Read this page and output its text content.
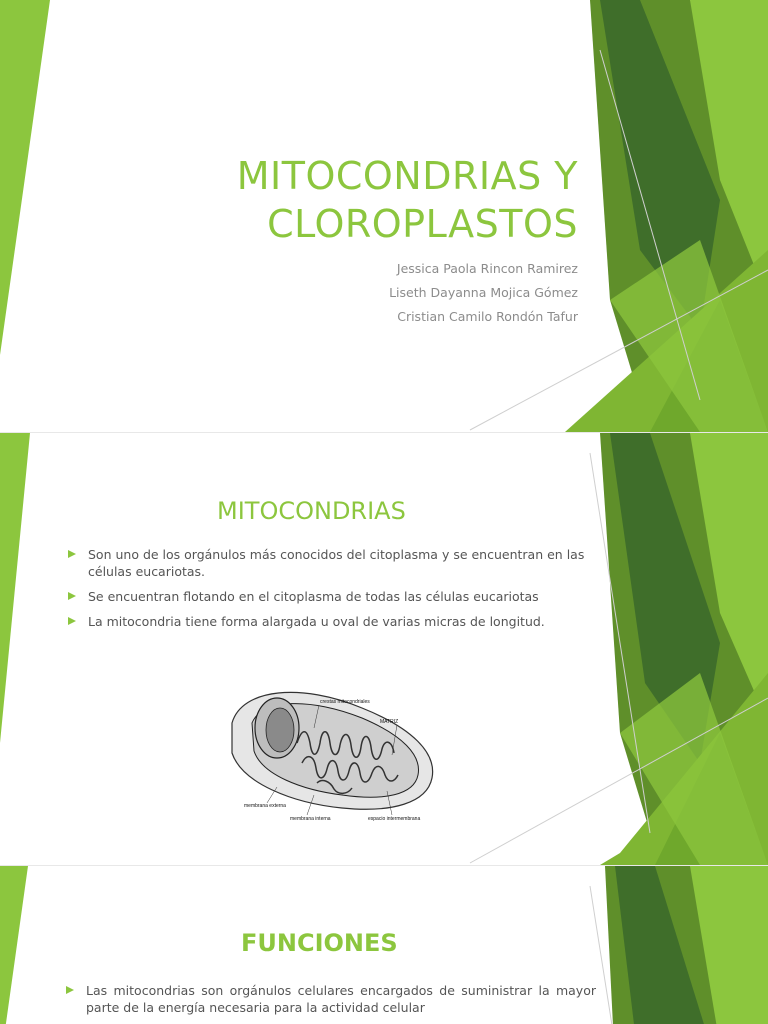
MITOCONDRIAS Y
CLOROPLASTOS
Jessica Paola Rincon Ramirez
Liseth Dayanna Mojica Gómez
Cristian Camilo Rondón Tafur
MITOCONDRIAS
Son uno de los orgánulos más conocidos del citoplasma y se encuentran en las células eucariotas.
Se encuentran flotando en el citoplasma de todas las células eucariotas
La mitocondria tiene forma alargada u oval de varias micras de longitud.
crestas mitocondriales
MATRIZ
membrana externa
membrana interna	espacio intermembrana
FUNCIONES
Las mitocondrias son orgánulos celulares encargados de suministrar la mayor parte de la energía necesaria para la actividad celular
